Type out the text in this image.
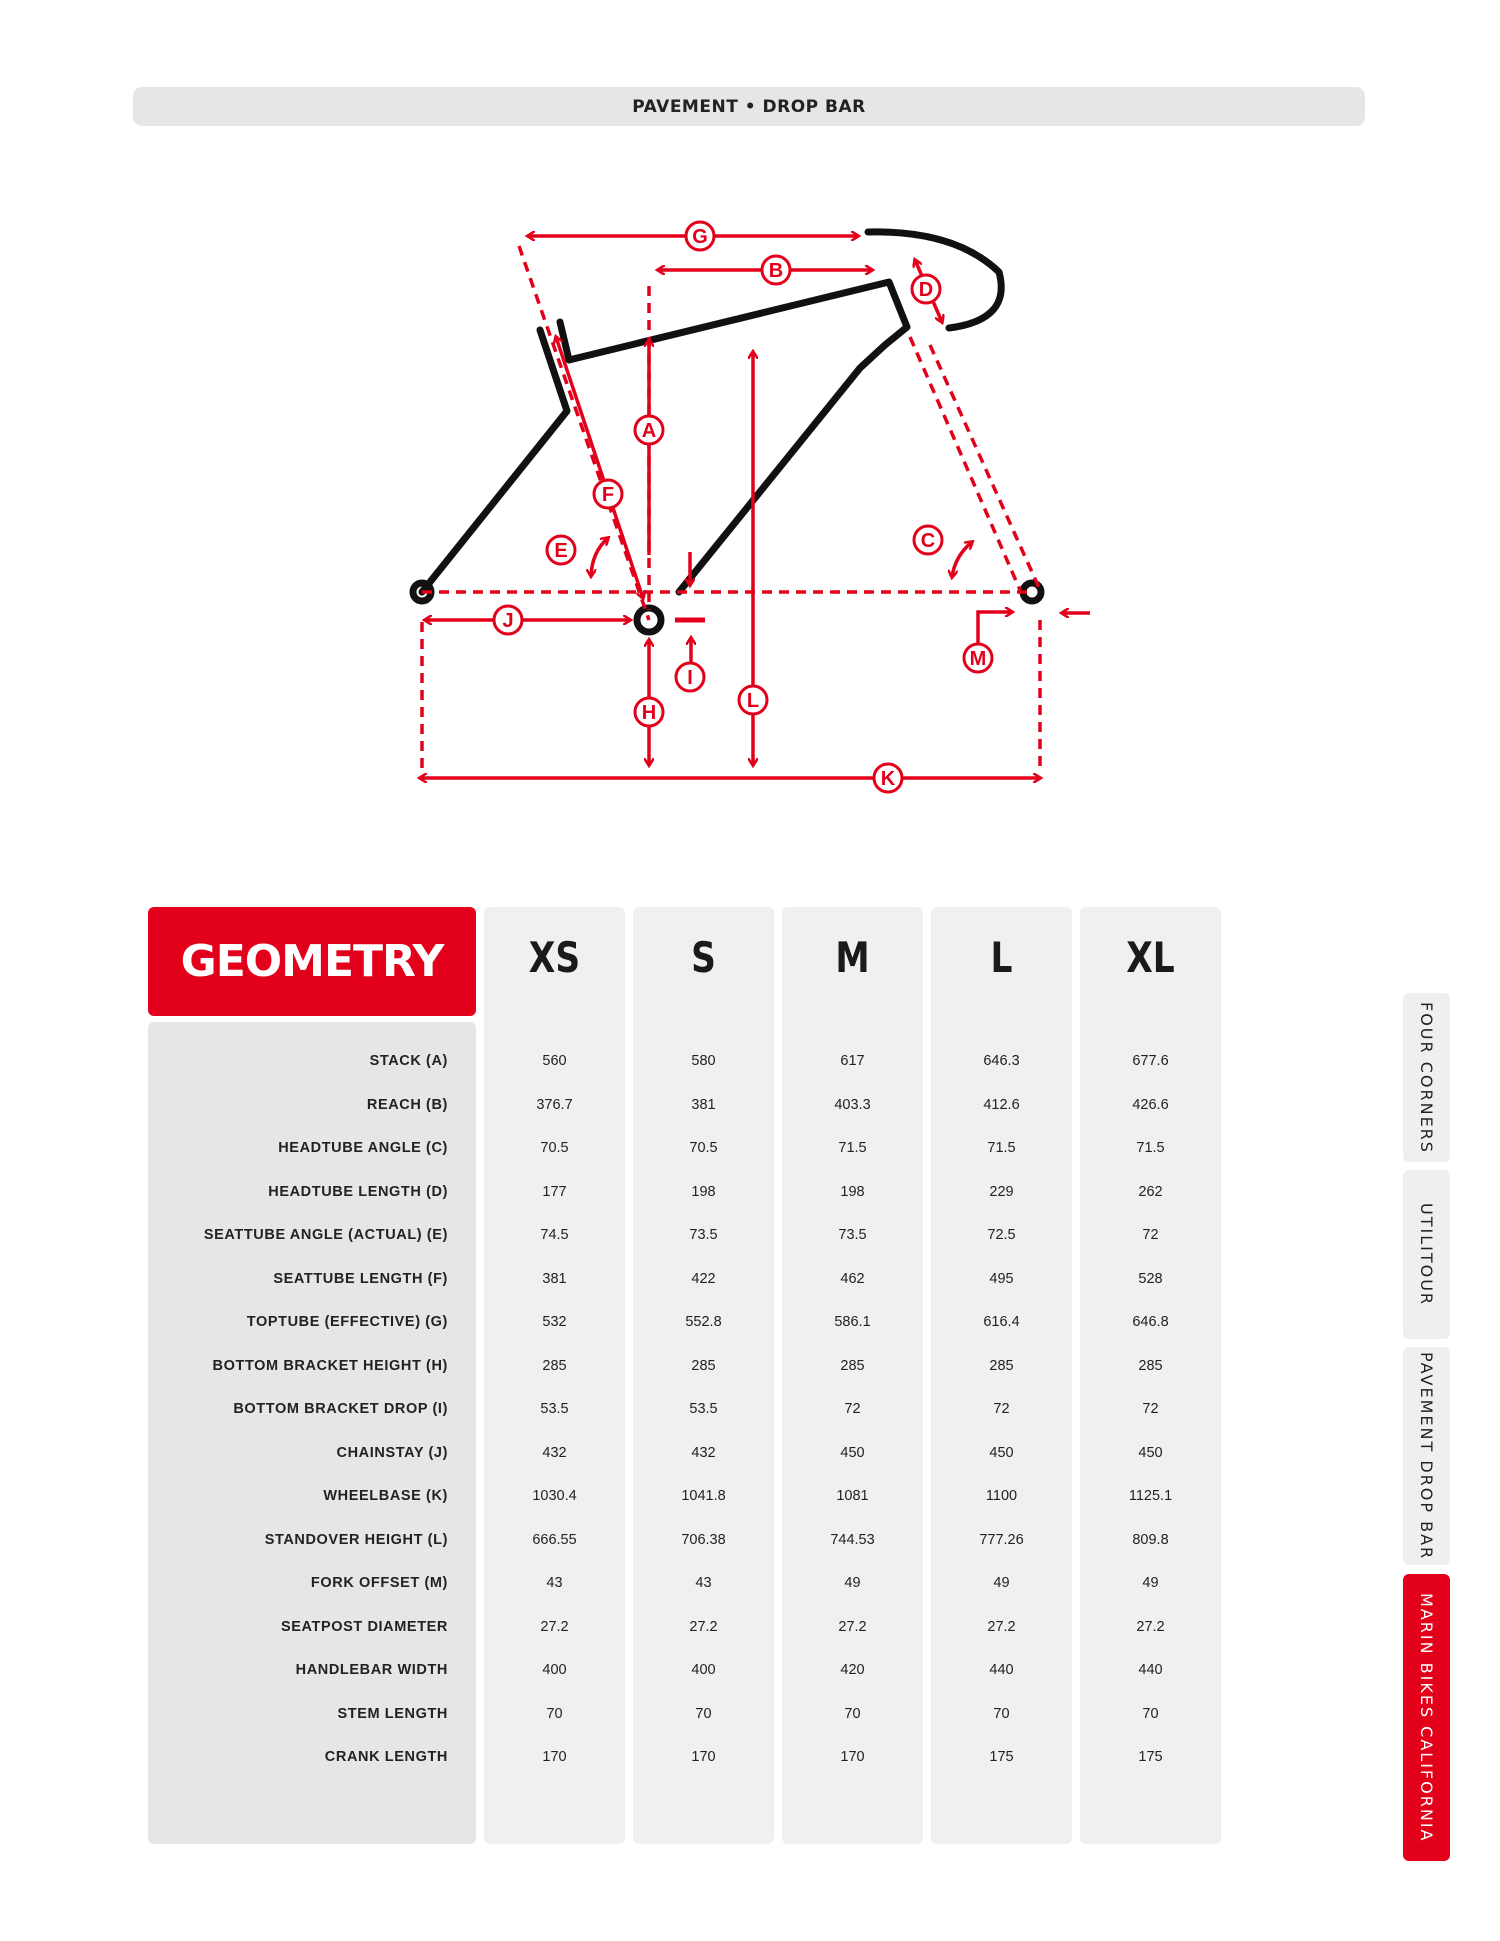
PAVEMENT • DROP BAR
G
B
D
A
F
E	C
J
I
H
L
M
K
GEOMETRY
STACK (A)
REACH (B)
HEADTUBE ANGLE (C)
HEADTUBE LENGTH (D)
SEATTUBE ANGLE (ACTUAL) (E)
SEATTUBE LENGTH (F)
TOPTUBE (EFFECTIVE) (G)
BOTTOM BRACKET HEIGHT (H)
BOTTOM BRACKET DROP (I)
CHAINSTAY (J)
WHEELBASE (K)
STANDOVER HEIGHT (L)
FORK OFFSET (M)
SEATPOST DIAMETER
HANDLEBAR WIDTH
STEM LENGTH
CRANK LENGTH
XS
560
376.7
70.5
177
74.5
381
532
285
53.5
432
1030.4
666.55
43
27.2
400
70
170
S
580
381
70.5
198
73.5
422
552.8
285
53.5
432
1041.8
706.38
43
27.2
400
70
170
M
617
403.3
71.5
198
73.5
462
586.1
285
72
450
1081
744.53
49
27.2
420
70
170
L
646.3
412.6
71.5
229
72.5
495
616.4
285
72
450
1100
777.26
49
27.2
440
70
175
XL
677.6
426.6
71.5
262
72
528
646.8
285
72
450
1125.1
809.8
49
27.2
440
70
175
FOUR CORNERS
UTILITOUR
PAVEMENT DROP BAR
MARIN BIKES CALIFORNIA
